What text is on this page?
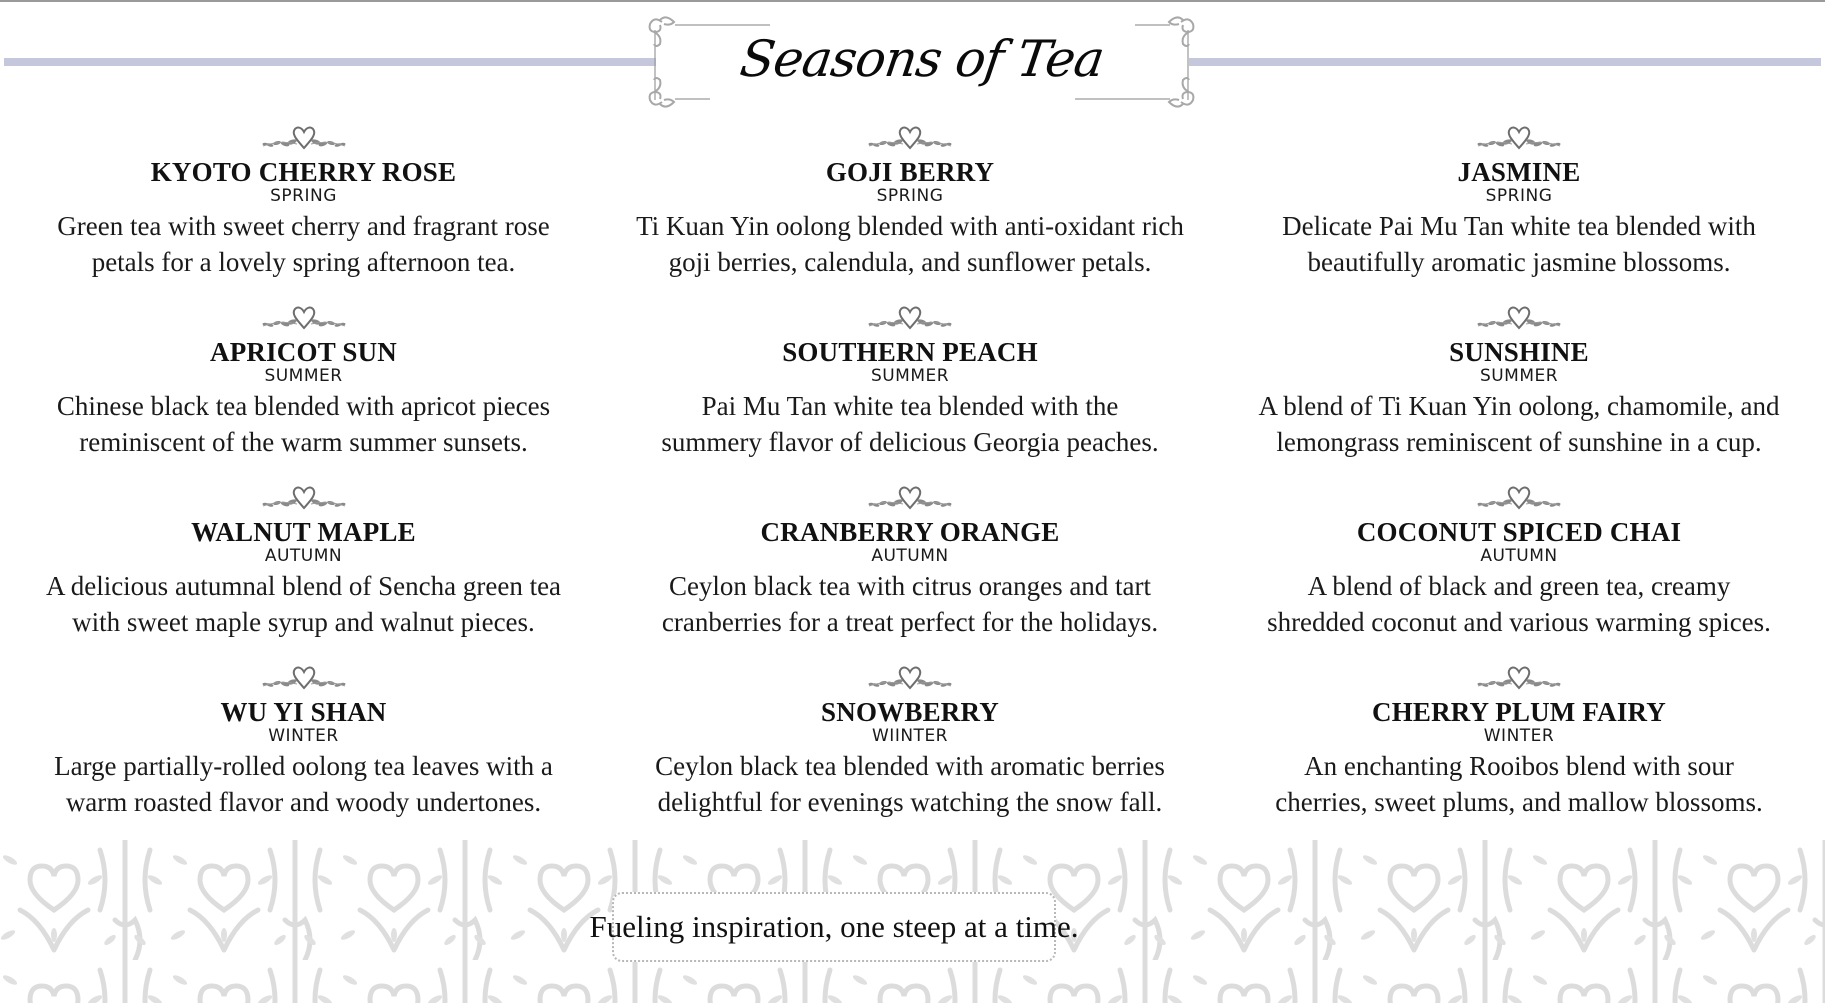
Seasons of Tea
KYOTO CHERRY ROSE
SPRING
Green tea with sweet cherry and fragrant rose
petals for a lovely spring afternoon tea.
GOJI BERRY
SPRING
Ti Kuan Yin oolong blended with anti-oxidant rich
goji berries, calendula, and sunflower petals.
JASMINE
SPRING
Delicate Pai Mu Tan white tea blended with
beautifully aromatic jasmine blossoms.
APRICOT SUN
SUMMER
Chinese black tea blended with apricot pieces
reminiscent of the warm summer sunsets.
SOUTHERN PEACH
SUMMER
Pai Mu Tan white tea blended with the
summery flavor of delicious Georgia peaches.
SUNSHINE
SUMMER
A blend of Ti Kuan Yin oolong, chamomile, and
lemongrass reminiscent of sunshine in a cup.
WALNUT MAPLE
AUTUMN
A delicious autumnal blend of Sencha green tea
with sweet maple syrup and walnut pieces.
CRANBERRY ORANGE
AUTUMN
Ceylon black tea with citrus oranges and tart
cranberries for a treat perfect for the holidays.
COCONUT SPICED CHAI
AUTUMN
A blend of black and green tea, creamy
shredded coconut and various warming spices.
WU YI SHAN
WINTER
Large partially-rolled oolong tea leaves with a
warm roasted flavor and woody undertones.
SNOWBERRY
WIINTER
Ceylon black tea blended with aromatic berries
delightful for evenings watching the snow fall.
CHERRY PLUM FAIRY
WINTER
An enchanting Rooibos blend with sour
cherries, sweet plums, and mallow blossoms.
Fueling inspiration, one steep at a time.
